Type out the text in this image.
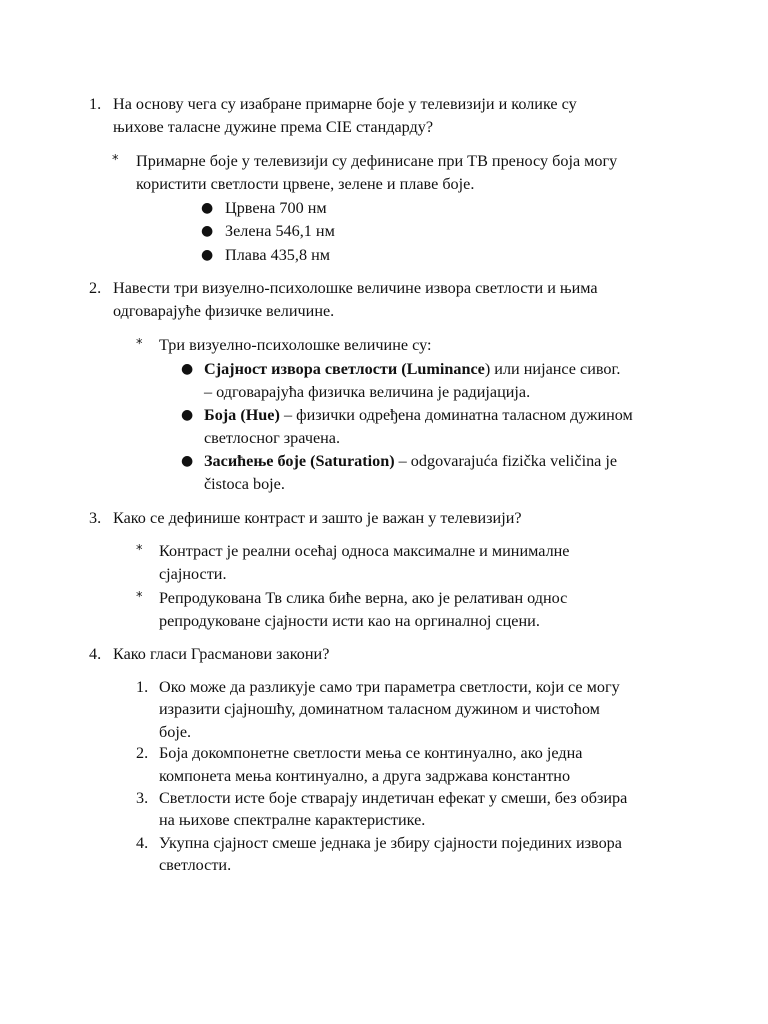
1. На основу чега су изабране примарне боје у телевизији и колике су
њихове таласне дужине према CIE стандарду?
* Примарне боје у телевизији су дефинисане при ТВ преносу боја могу
користити светлости црвене, зелене и плаве боје.
● Црвена 700 нм
● Зелена 546,1 нм
● Плава 435,8 нм
2. Навести три визуелно-психолошке величине извора светлости и њима
одговарајуће физичке величине.
* Три визуелно-психолошке величине су:
● Сјајност извора светлости (Luminance) или нијансе сивог.
– одговарајућа физичка величина је радијација.
● Боја (Hue) – физички одређена доминатна таласном дужином
светлосног зрачена.
● Засићење боје (Saturation) – odgovarajuća fizička veličina je
čistoca boje.
3. Како се дефинише контраст и зашто је важан у телевизији?
* Контраст је реални осећај односа максималне и минималне
сјајности.
* Репродукована Тв слика биће верна, ако је релативан однос
репродуковане сјајности исти као на оргиналној сцени.
4. Како гласи Грасманови закони?
1. Око може да разликује само три параметра светлости, који се могу
изразити сјајношћу, доминатном таласном дужином и чистоћом
боје.
2. Боја докомпонетне светлости мења се континуално, ако једна
компонета мења континуално, а друга задржава константно
3. Светлости исте боје стварају индетичан ефекат у смеши, без обзира
на њихове спектралне карактеристике.
4. Укупна сјајност смеше једнака је збиру сјајности појединих извора
светлости.
